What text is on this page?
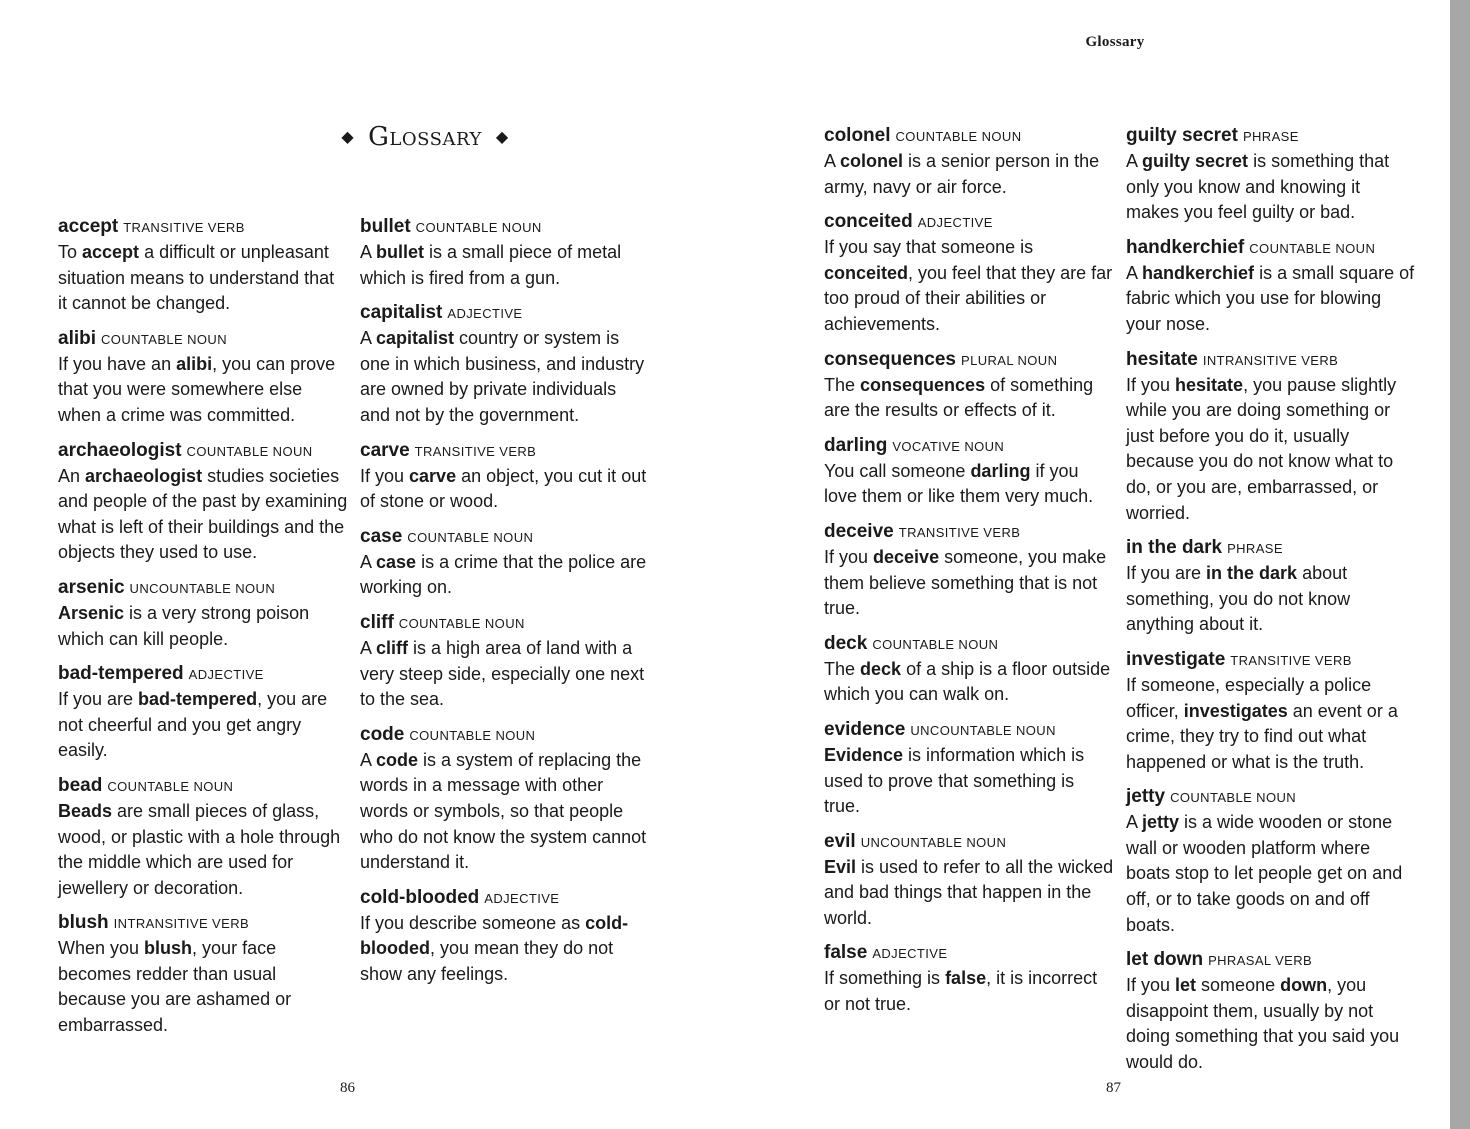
◆ Glossary ◆
Glossary
accept TRANSITIVE VERB
To accept a difficult or unpleasant situation means to understand that it cannot be changed.
alibi COUNTABLE NOUN
If you have an alibi, you can prove that you were somewhere else when a crime was committed.
archaeologist COUNTABLE NOUN
An archaeologist studies societies and people of the past by examining what is left of their buildings and the objects they used to use.
arsenic UNCOUNTABLE NOUN
Arsenic is a very strong poison which can kill people.
bad-tempered ADJECTIVE
If you are bad-tempered, you are not cheerful and you get angry easily.
bead COUNTABLE NOUN
Beads are small pieces of glass, wood, or plastic with a hole through the middle which are used for jewellery or decoration.
blush INTRANSITIVE VERB
When you blush, your face becomes redder than usual because you are ashamed or embarrassed.
bullet COUNTABLE NOUN
A bullet is a small piece of metal which is fired from a gun.
capitalist ADJECTIVE
A capitalist country or system is one in which business, and industry are owned by private individuals and not by the government.
carve TRANSITIVE VERB
If you carve an object, you cut it out of stone or wood.
case COUNTABLE NOUN
A case is a crime that the police are working on.
cliff COUNTABLE NOUN
A cliff is a high area of land with a very steep side, especially one next to the sea.
code COUNTABLE NOUN
A code is a system of replacing the words in a message with other words or symbols, so that people who do not know the system cannot understand it.
cold-blooded ADJECTIVE
If you describe someone as cold-blooded, you mean they do not show any feelings.
colonel COUNTABLE NOUN
A colonel is a senior person in the army, navy or air force.
conceited ADJECTIVE
If you say that someone is conceited, you feel that they are far too proud of their abilities or achievements.
consequences PLURAL NOUN
The consequences of something are the results or effects of it.
darling VOCATIVE NOUN
You call someone darling if you love them or like them very much.
deceive TRANSITIVE VERB
If you deceive someone, you make them believe something that is not true.
deck COUNTABLE NOUN
The deck of a ship is a floor outside which you can walk on.
evidence UNCOUNTABLE NOUN
Evidence is information which is used to prove that something is true.
evil UNCOUNTABLE NOUN
Evil is used to refer to all the wicked and bad things that happen in the world.
false ADJECTIVE
If something is false, it is incorrect or not true.
guilty secret PHRASE
A guilty secret is something that only you know and knowing it makes you feel guilty or bad.
handkerchief COUNTABLE NOUN
A handkerchief is a small square of fabric which you use for blowing your nose.
hesitate INTRANSITIVE VERB
If you hesitate, you pause slightly while you are doing something or just before you do it, usually because you do not know what to do, or you are, embarrassed, or worried.
in the dark PHRASE
If you are in the dark about something, you do not know anything about it.
investigate TRANSITIVE VERB
If someone, especially a police officer, investigates an event or a crime, they try to find out what happened or what is the truth.
jetty COUNTABLE NOUN
A jetty is a wide wooden or stone wall or wooden platform where boats stop to let people get on and off, or to take goods on and off boats.
let down PHRASAL VERB
If you let someone down, you disappoint them, usually by not doing something that you said you would do.
86	87
